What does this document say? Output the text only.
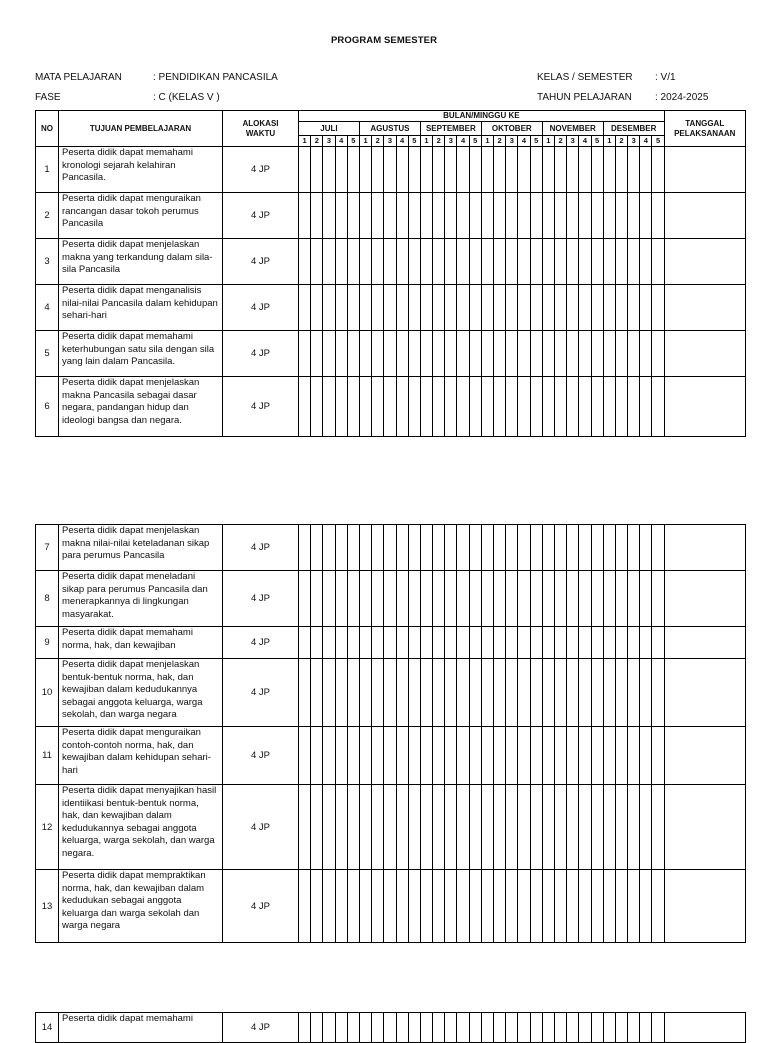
PROGRAM SEMESTER
MATA PELAJARAN	: PENDIDIKAN PANCASILA
FASE	: C (KELAS V )
KELAS / SEMESTER : V/1
TAHUN PELAJARAN : 2024-2025
NO	TUJUAN PEMBELAJARAN	ALOKASI WAKTU	BULAN/MINGGU KE																														TANGGAL PELAKSANAAN
			JULI					AGUSTUS					SEPTEMBER					OKTOBER					NOVEMBER					DESEMBER					
			1	2	3	4	5	1	2	3	4	5	1	2	3	4	5	1	2	3	4	5	1	2	3	4	5	1	2	3	4	5	
1	Peserta didik dapat memahami kronologi sejarah kelahiran Pancasila.	4 JP																															
2	Peserta didik dapat menguraikan rancangan dasar tokoh perumus Pancasila	4 JP																															
3	Peserta didik dapat menjelaskan makna yang terkandung dalam sila-sila Pancasila	4 JP																															
4	Peserta didik dapat menganalisis nilai-nilai Pancasila dalam kehidupan sehari-hari	4 JP																															
5	Peserta didik dapat memahami keterhubungan satu sila dengan sila yang lain dalam Pancasila.	4 JP																															
6	Peserta didik dapat menjelaskan makna Pancasila sebagai dasar negara, pandangan hidup dan ideologi bangsa dan negara.	4 JP																															
7	Peserta didik dapat menjelaskan makna nilai-nilai keteladanan sikap para perumus Pancasila	4 JP																															
8	Peserta didik dapat meneladani sikap para perumus Pancasila dan menerapkannya di lingkungan masyarakat.	4 JP																															
9	Peserta didik dapat memahami norma, hak, dan kewajiban	4 JP																															
10	Peserta didik dapat menjelaskan bentuk-bentuk norma, hak, dan kewajiban dalam kedudukannya sebagai anggota keluarga, warga sekolah, dan warga negara	4 JP																															
11	Peserta didik dapat menguraikan contoh-contoh norma, hak, dan kewajiban dalam kehidupan sehari-hari	4 JP																															
12	Peserta didik dapat menyajikan hasil identiikasi bentuk-bentuk norma, hak, dan kewajiban dalam kedudukannya sebagai anggota keluarga, warga sekolah, dan warga negara.	4 JP																															
13	Peserta didik dapat mempraktikan norma, hak, dan kewajiban dalam kedudukan sebagai anggota keluarga dan warga sekolah dan warga negara	4 JP																															
14	Peserta didik dapat memahami	4 JP																															
